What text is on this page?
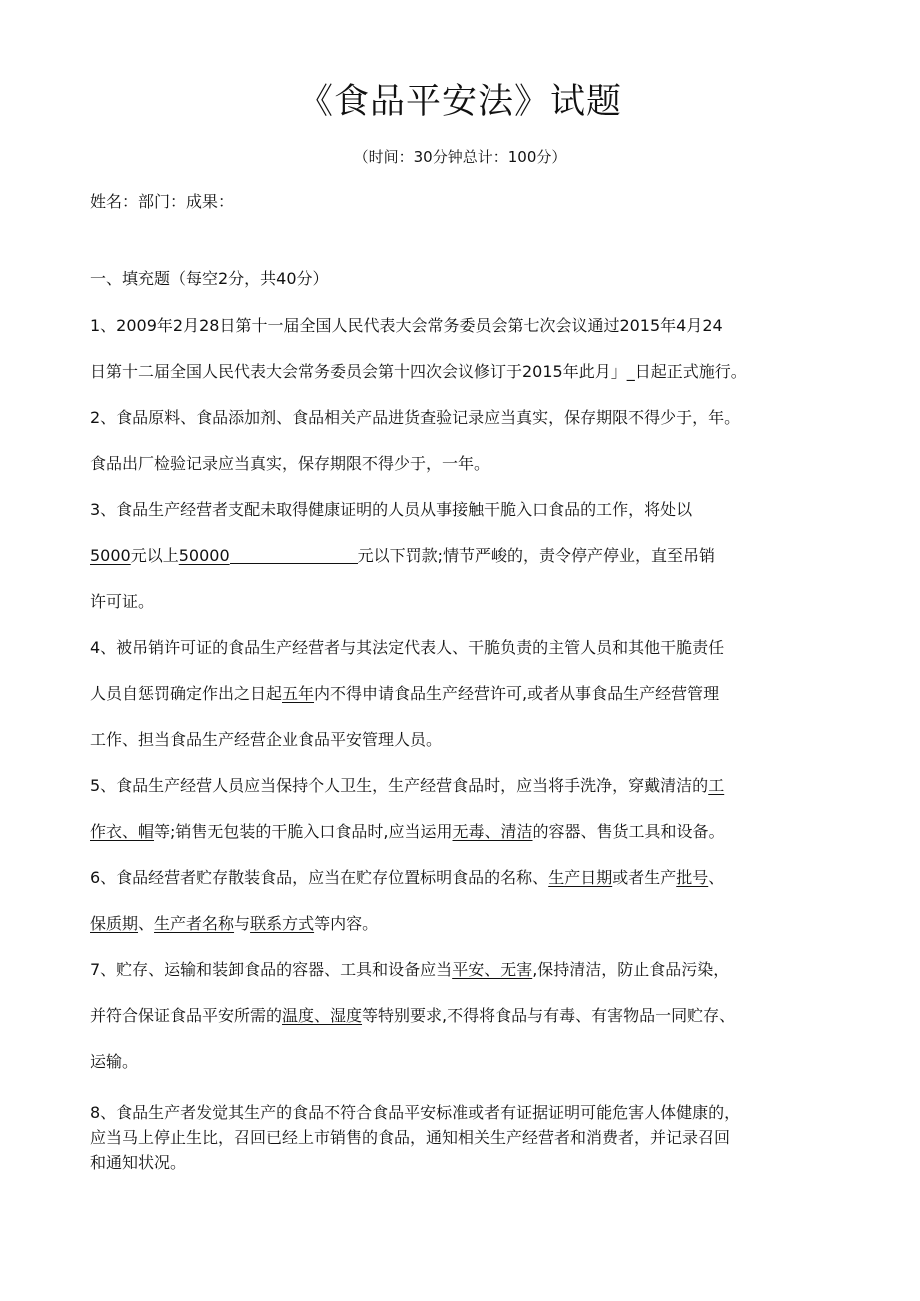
《食品平安法》试题
（时间：30分钟总计：100分）
姓名：部门：成果：
一、填充题（每空2分，共40分）
1、2009年2月28日第十一届全国人民代表大会常务委员会第七次会议通过2015年4月24
日第十二届全国人民代表大会常务委员会第十四次会议修订于2015年此月」_日起正式施行。
2、食品原料、食品添加剂、食品相关产品进货查验记录应当真实，保存期限不得少于，年。
食品出厂检验记录应当真实，保存期限不得少于，一年。
3、食品生产经营者支配未取得健康证明的人员从事接触干脆入口食品的工作，将处以
5000元以上50000	元以下罚款;情节严峻的，责令停产停业，直至吊销
许可证。
4、被吊销许可证的食品生产经营者与其法定代表人、干脆负责的主管人员和其他干脆责任
人员自惩罚确定作出之日起五年内不得申请食品生产经营许可,或者从事食品生产经营管理
工作、担当食品生产经营企业食品平安管理人员。
5、食品生产经营人员应当保持个人卫生，生产经营食品时，应当将手洗净，穿戴清洁的工
作衣、帽等;销售无包装的干脆入口食品时,应当运用无毒、清洁的容器、售货工具和设备。
6、食品经营者贮存散装食品，应当在贮存位置标明食品的名称、生产日期或者生产批号、
保质期、生产者名称与联系方式等内容。
7、贮存、运输和装卸食品的容器、工具和设备应当平安、无害,保持清洁，防止食品污染，
并符合保证食品平安所需的温度、湿度等特别要求,不得将食品与有毒、有害物品一同贮存、
运输。
8、食品生产者发觉其生产的食品不符合食品平安标准或者有证据证明可能危害人体健康的，
应当马上停止生比，召回已经上市销售的食品，通知相关生产经营者和消费者，并记录召回
和通知状况。
